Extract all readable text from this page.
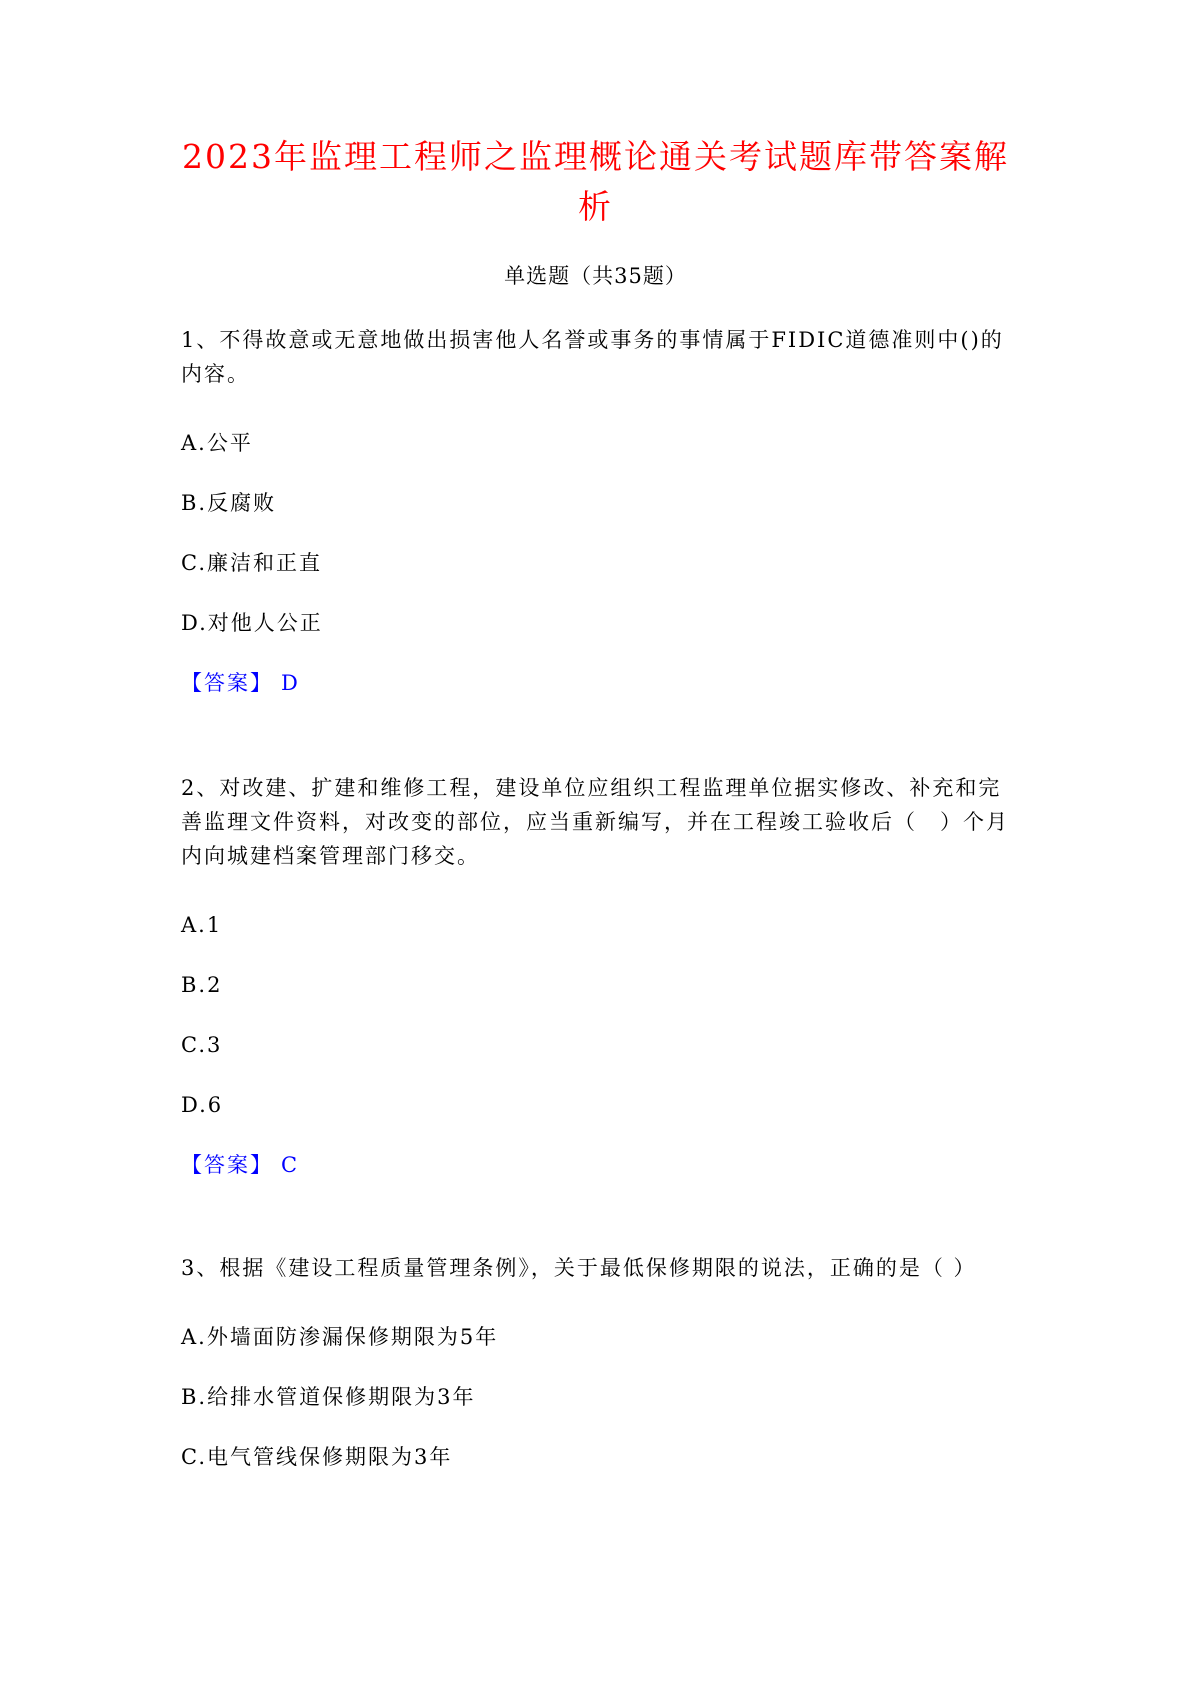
2023年监理工程师之监理概论通关考试题库带答案解析
单选题（共35题）

1、不得故意或无意地做出损害他人名誉或事务的事情属于FIDIC道德准则中()的内容。

A.公平
B.反腐败
C.廉洁和正直
D.对他人公正
【答案】 D

2、对改建、扩建和维修工程，建设单位应组织工程监理单位据实修改、补充和完善监理文件资料，对改变的部位，应当重新编写，并在工程竣工验收后（　）个月内向城建档案管理部门移交。

A.1
B.2
C.3
D.6
【答案】 C

3、根据《建设工程质量管理条例》，关于最低保修期限的说法，正确的是（ ）

A.外墙面防渗漏保修期限为5年
B.给排水管道保修期限为3年
C.电气管线保修期限为3年
